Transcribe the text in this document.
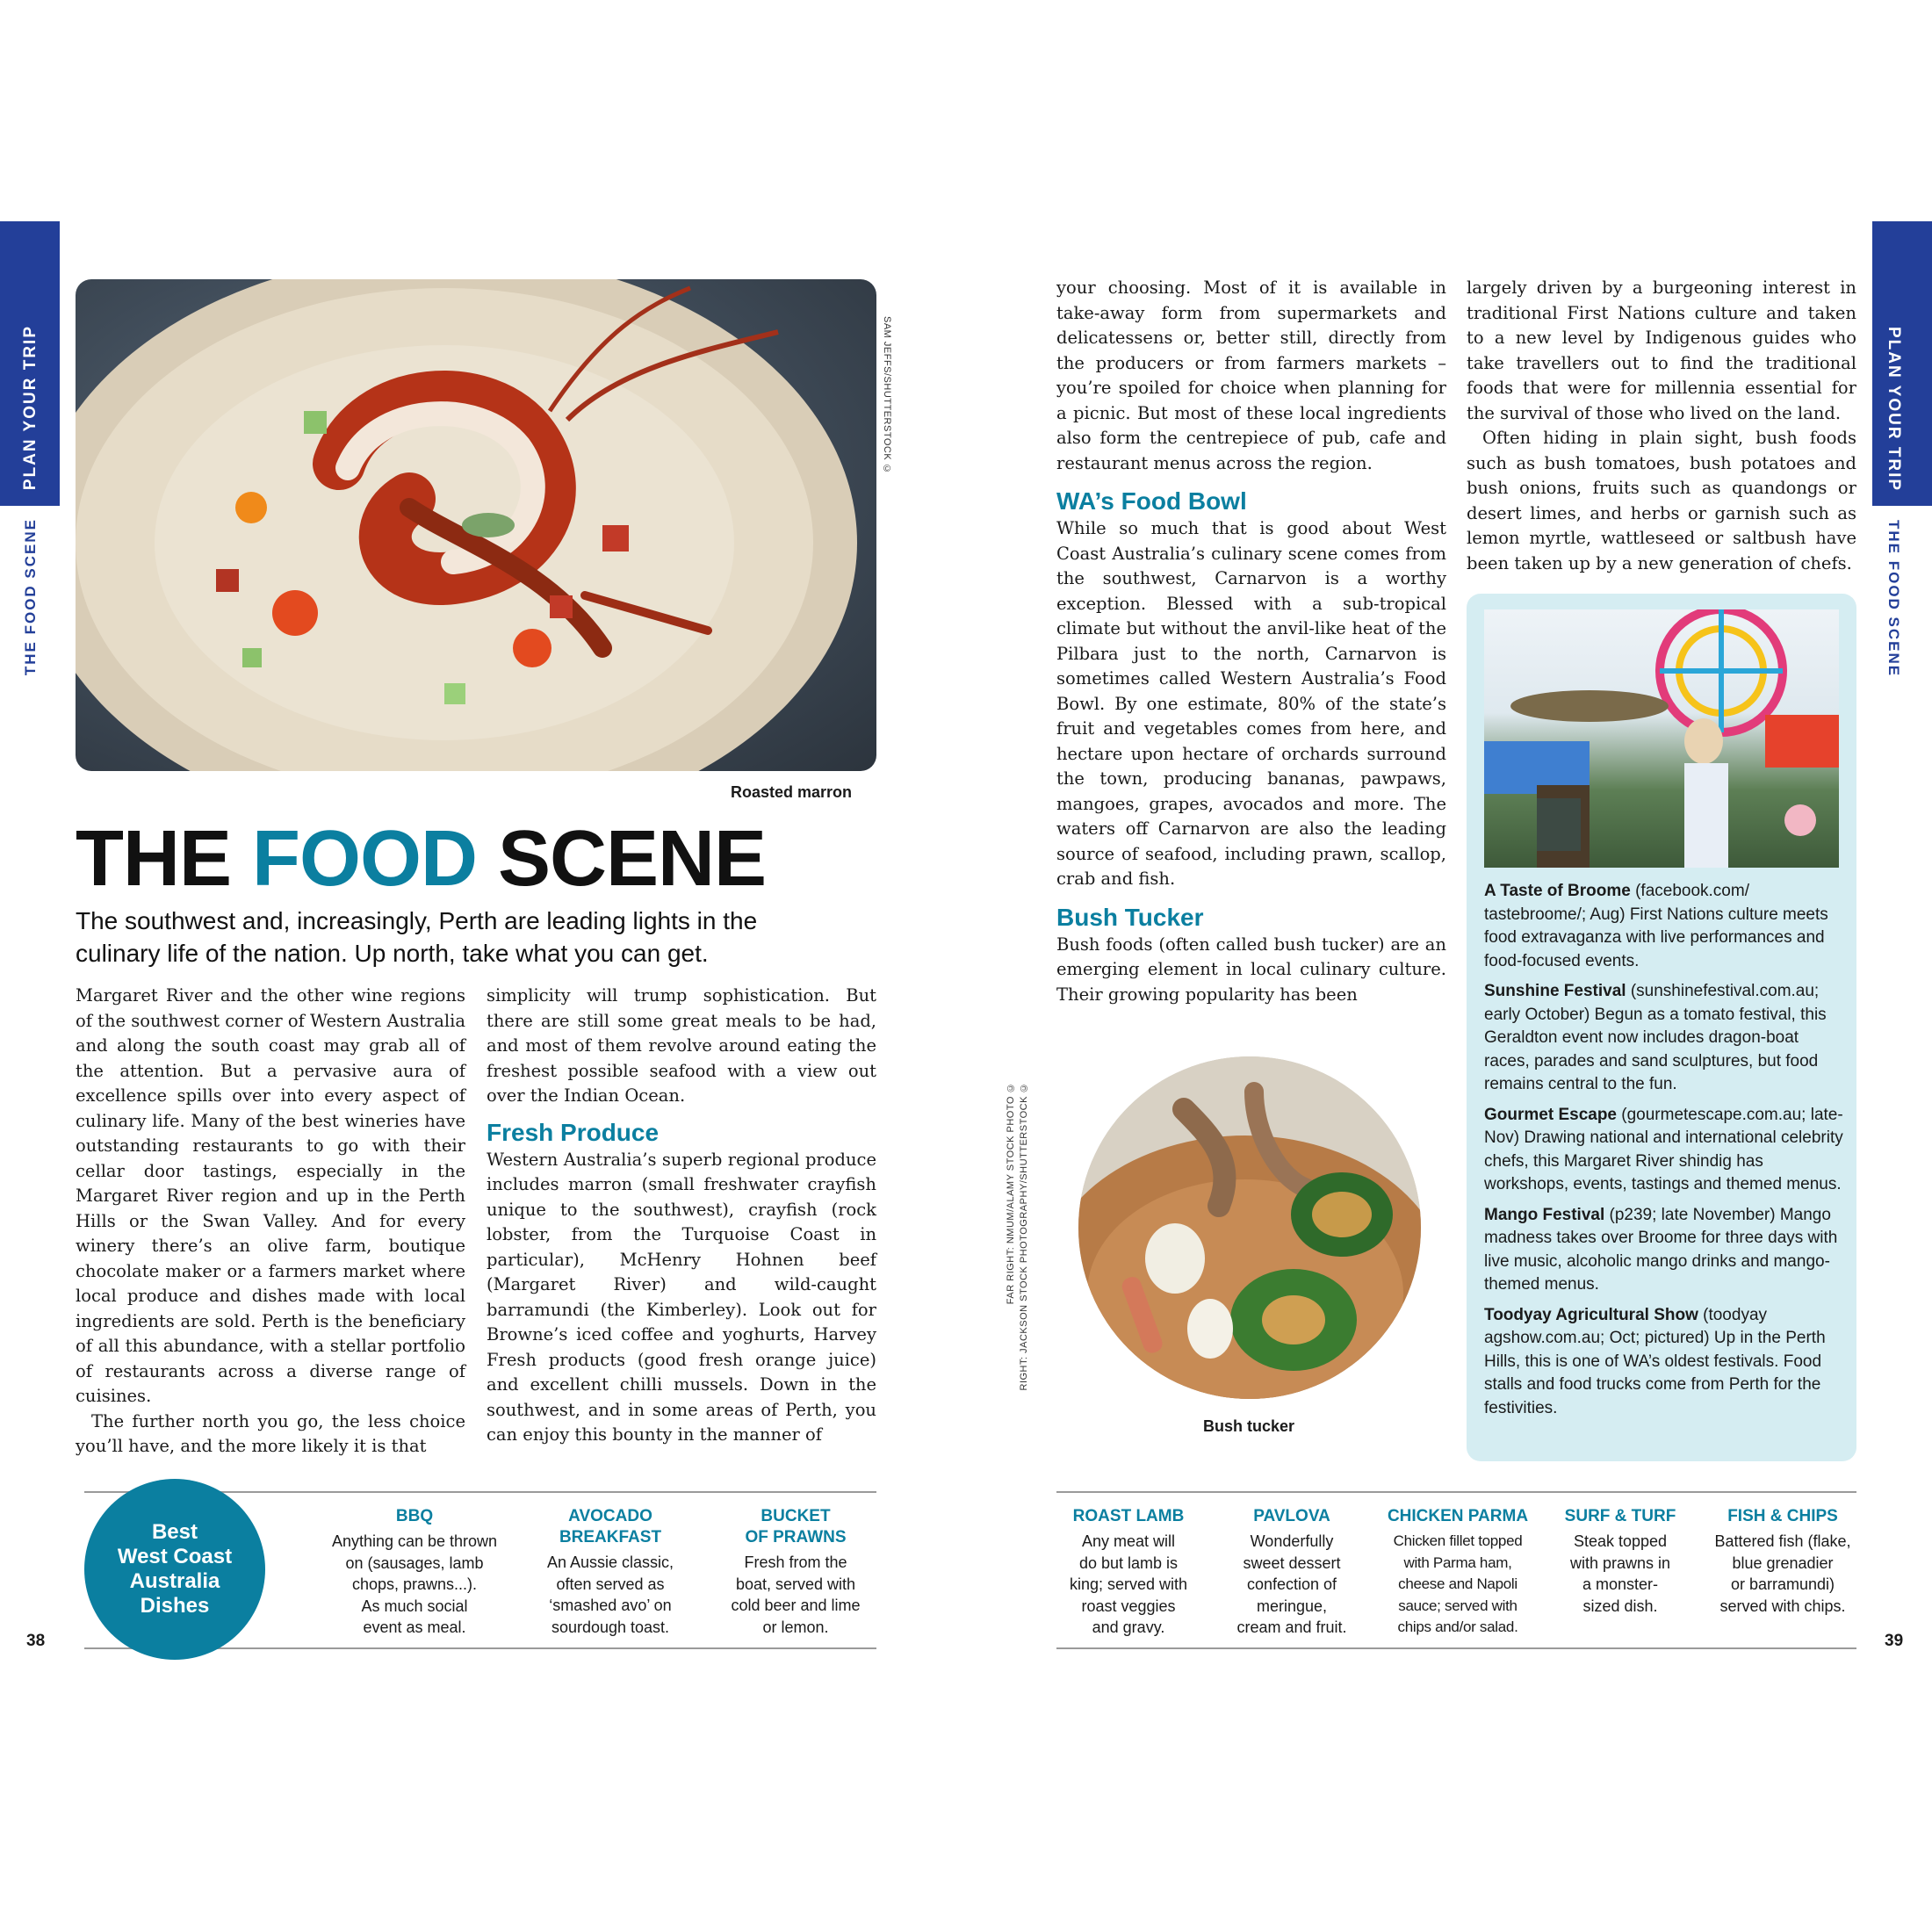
PLAN YOUR TRIP
THE FOOD SCENE
PLAN YOUR TRIP
THE FOOD SCENE
SAM JEFFS/SHUTTERSTOCK ©
Roasted marron
THE FOOD SCENE
The southwest and, increasingly, Perth are leading lights in the culinary life of the nation. Up north, take what you can get.

Margaret River and the other wine regions of the southwest corner of Western Australia and along the south coast may grab all of the attention. But a pervasive aura of excellence spills over into every aspect of culinary life. Many of the best wineries have outstanding restaurants to go with their cellar door tastings, especially in the Margaret River region and up in the Perth Hills or the Swan Valley. And for every winery there’s an olive farm, boutique chocolate maker or a farmers market where local produce and dishes made with local ingredients are sold. Perth is the beneficiary of all this abundance, with a stellar portfolio of restaurants across a diverse range of cuisines.

The further north you go, the less choice you’ll have, and the more likely it is that

simplicity will trump sophistication. But there are still some great meals to be had, and most of them revolve around eating the freshest possible seafood with a view out over the Indian Ocean.

Fresh Produce

Western Australia’s superb regional produce includes marron (small freshwater crayfish unique to the southwest), crayfish (rock lobster, from the Turquoise Coast in particular), McHenry Hohnen beef (Margaret River) and wild-caught barramundi (the Kimberley). Look out for Browne’s iced coffee and yoghurts, Harvey Fresh products (good fresh orange juice) and excellent chilli mussels. Down in the southwest, and in some areas of Perth, you can enjoy this bounty in the manner of

your choosing. Most of it is available in take-away form from supermarkets and delicatessens or, better still, directly from the producers or from farmers markets – you’re spoiled for choice when planning for a picnic. But most of these local ingredients also form the centrepiece of pub, cafe and restaurant menus across the region.

WA’s Food Bowl

While so much that is good about West Coast Australia’s culinary scene comes from the southwest, Carnarvon is a worthy exception. Blessed with a sub-tropical climate but without the anvil-like heat of the Pilbara just to the north, Carnarvon is sometimes called Western Australia’s Food Bowl. By one estimate, 80% of the state’s fruit and vegetables comes from here, and hectare upon hectare of orchards surround the town, producing bananas, pawpaws, mangoes, grapes, avocados and more. The waters off Carnarvon are also the leading source of seafood, including prawn, scallop, crab and fish.

Bush Tucker

Bush foods (often called bush tucker) are an emerging element in local culinary culture. Their growing popularity has been

largely driven by a burgeoning interest in traditional First Nations culture and taken to a new level by Indigenous guides who take travellers out to find the traditional foods that were for millennia essential for the survival of those who lived on the land.

Often hiding in plain sight, bush foods such as bush tomatoes, bush potatoes and bush onions, fruits such as quandongs or desert limes, and herbs or garnish such as lemon myrtle, wattleseed or saltbush have been taken up by a new generation of chefs.

RIGHT: JACKSON STOCK PHOTOGRAPHY/SHUTTERSTOCK ©
FAR RIGHT: NMUM/ALAMY STOCK PHOTO ©
Bush tucker

A Taste of Broome (facebook.com/ tastebroome/; Aug) First Nations culture meets food extravaganza with live performances and food-focused events.

Sunshine Festival (sunshinefestival.com.au; early October) Begun as a tomato festival, this Geraldton event now includes dragon-boat races, parades and sand sculptures, but food remains central to the fun.

Gourmet Escape (gourmetescape.com.au; late-Nov) Drawing national and international celebrity chefs, this Margaret River shindig has workshops, events, tastings and themed menus.

Mango Festival (p239; late November) Mango madness takes over Broome for three days with live music, alcoholic mango drinks and mango-themed menus.

Toodyay Agricultural Show (toodyay agshow.com.au; Oct; pictured) Up in the Perth Hills, this is one of WA’s oldest festivals. Food stalls and food trucks come from Perth for the festivities.

Best
West Coast
Australia
Dishes
BBQ
Anything can be thrown
on (sausages, lamb
chops, prawns...).
As much social
event as meal.
AVOCADO
BREAKFAST
An Aussie classic,
often served as
‘smashed avo’ on
sourdough toast.
BUCKET
OF PRAWNS
Fresh from the
boat, served with
cold beer and lime
or lemon.
ROAST LAMB
Any meat will
do but lamb is
king; served with
roast veggies
and gravy.
PAVLOVA
Wonderfully
sweet dessert
confection of
meringue,
cream and fruit.
CHICKEN PARMA
Chicken fillet topped
with Parma ham,
cheese and Napoli
sauce; served with
chips and/or salad.
SURF & TURF
Steak topped
with prawns in
a monster-
sized dish.
FISH & CHIPS
Battered fish (flake,
blue grenadier
or barramundi)
served with chips.
38	39
